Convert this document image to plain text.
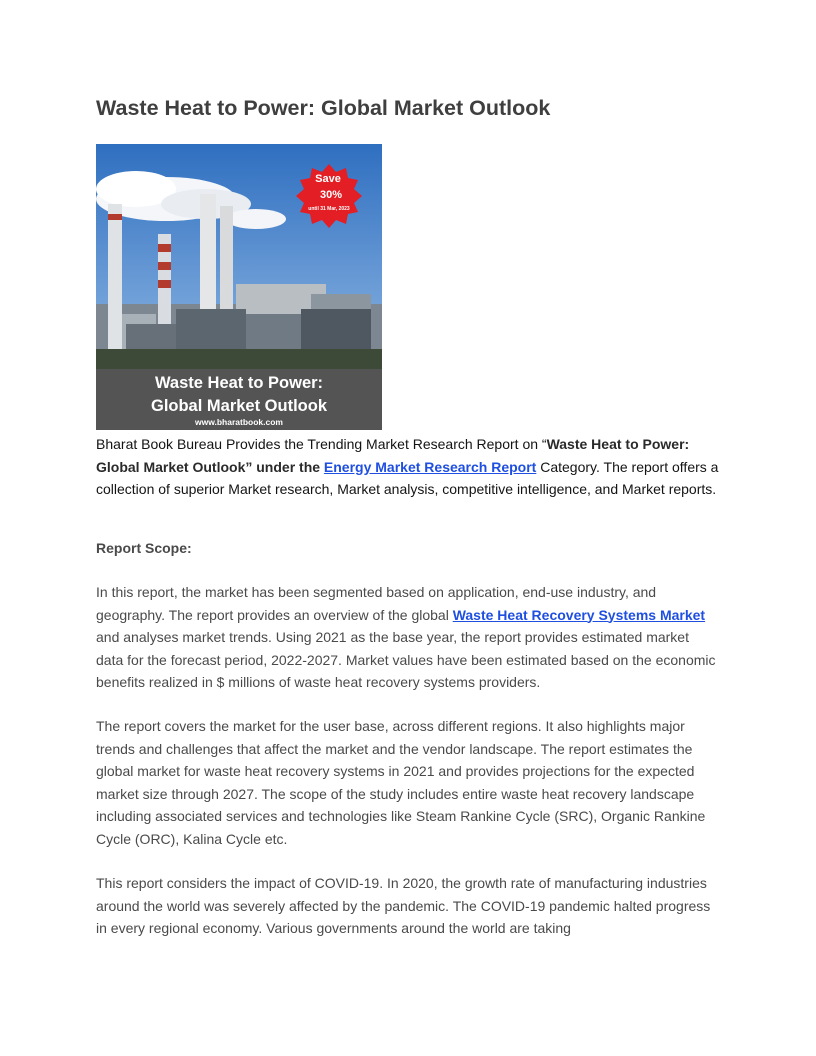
Waste Heat to Power: Global Market Outlook
Save
30%
until 31 Mar, 2023
Waste Heat to Power:
Global Market Outlook
www.bharatbook.com

Bharat Book Bureau Provides the Trending Market Research Report on “Waste Heat to Power: Global Market Outlook” under the Energy Market Research Report Category. The report offers a collection of superior Market research, Market analysis, competitive intelligence, and Market reports.

Report Scope:

In this report, the market has been segmented based on application, end-use industry, and geography. The report provides an overview of the global Waste Heat Recovery Systems Market and analyses market trends. Using 2021 as the base year, the report provides estimated market data for the forecast period, 2022-2027. Market values have been estimated based on the economic benefits realized in $ millions of waste heat recovery systems providers.

The report covers the market for the user base, across different regions. It also highlights major trends and challenges that affect the market and the vendor landscape. The report estimates the global market for waste heat recovery systems in 2021 and provides projections for the expected market size through 2027. The scope of the study includes entire waste heat recovery landscape including associated services and technologies like Steam Rankine Cycle (SRC), Organic Rankine Cycle (ORC), Kalina Cycle etc.

This report considers the impact of COVID-19. In 2020, the growth rate of manufacturing industries around the world was severely affected by the pandemic. The COVID-19 pandemic halted progress in every regional economy. Various governments around the world are taking
